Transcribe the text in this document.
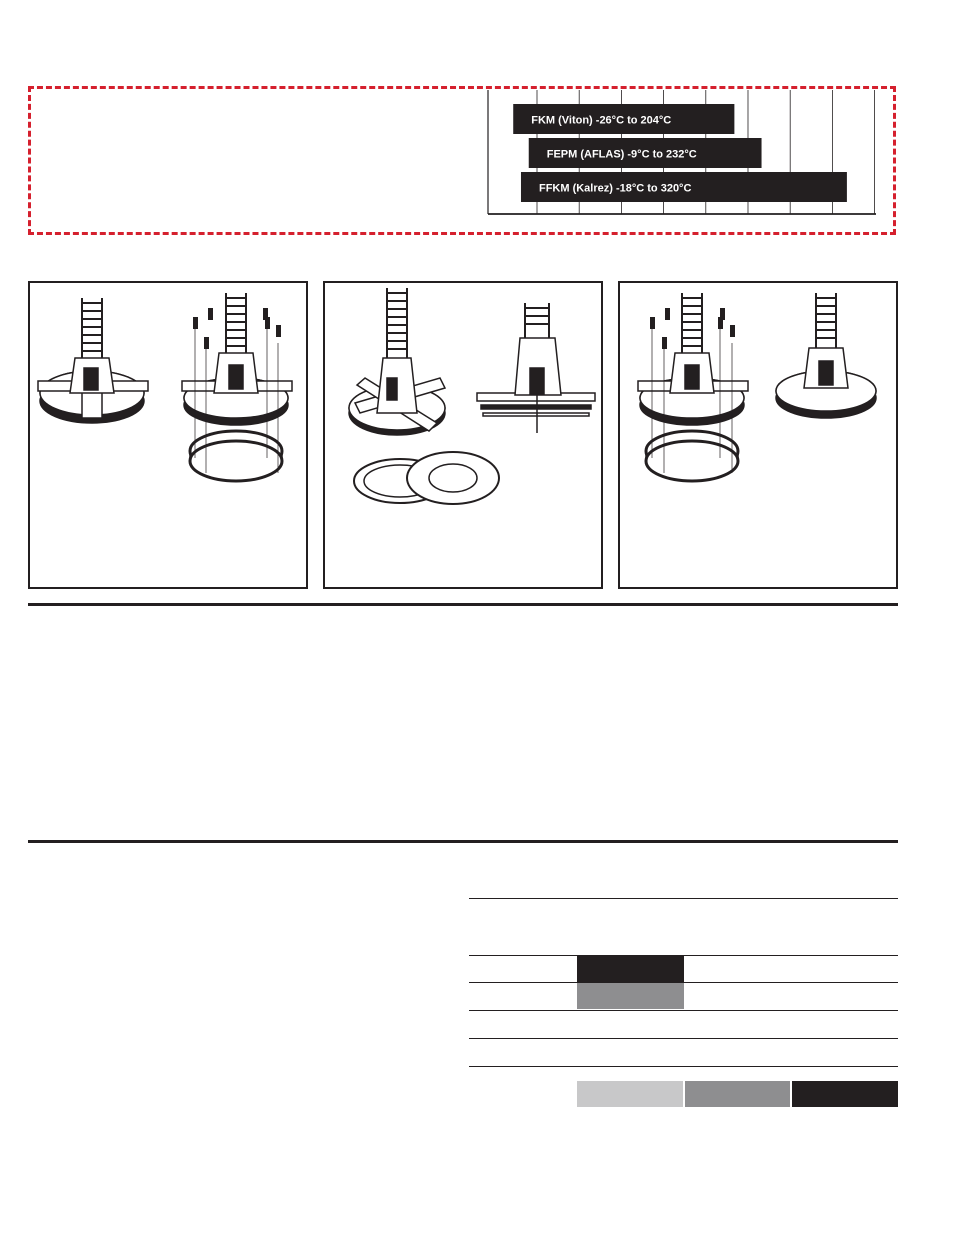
FKM (Viton) -26°C to 204°C
FEPM (AFLAS) -9°C to 232°C
FFKM (Kalrez) -18°C to 320°C
